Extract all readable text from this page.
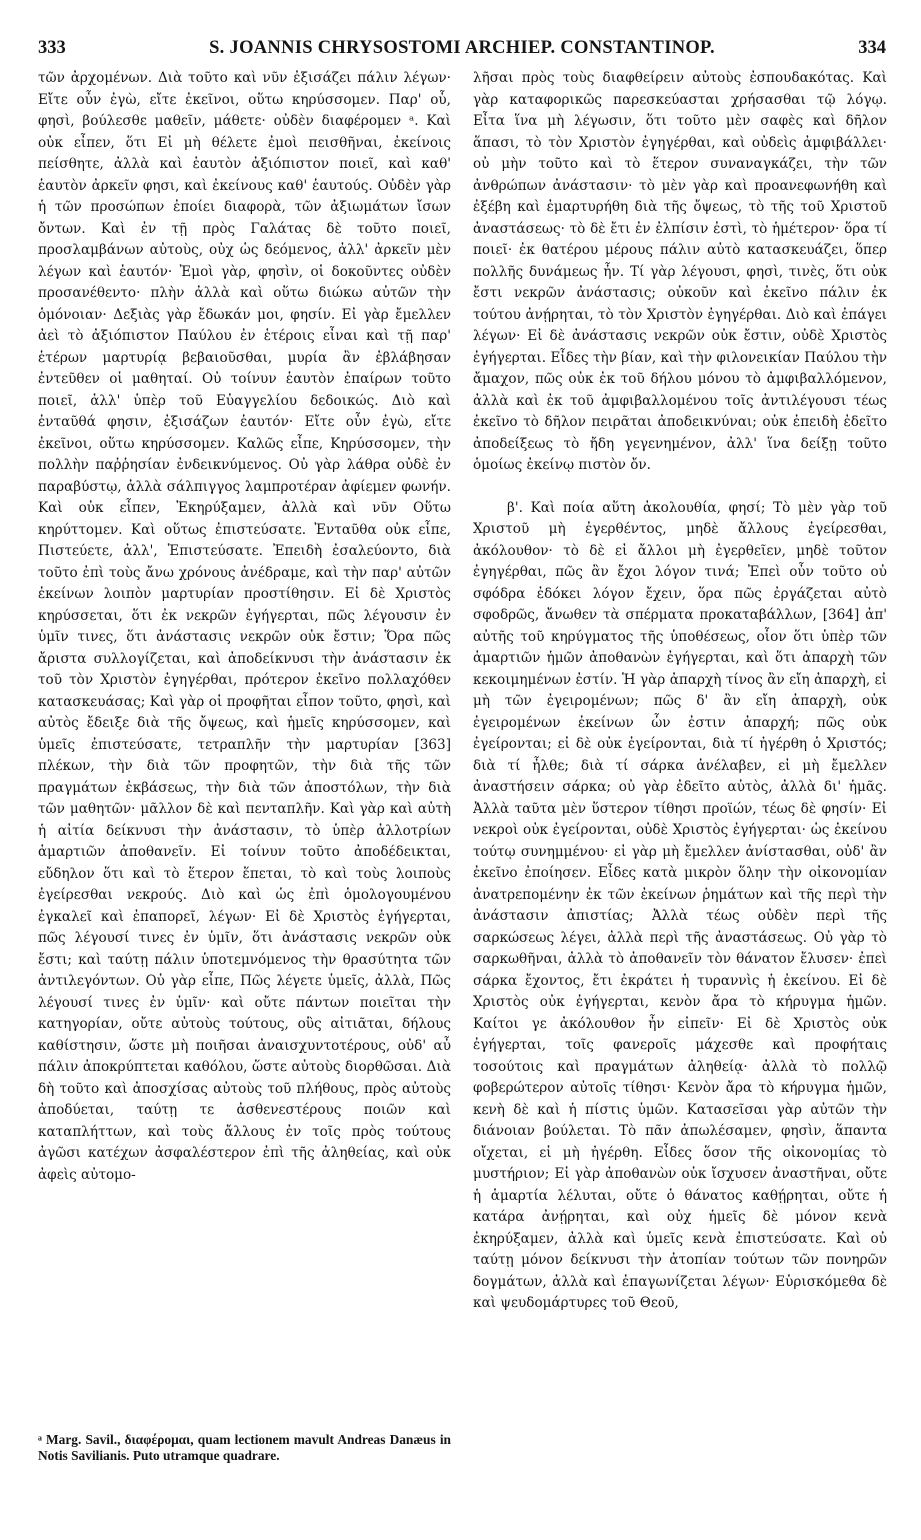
333	S. JOANNIS CHRYSOSTOMI ARCHIEP. CONSTANTINOP.	334

τῶν ἀρχομένων. Διὰ τοῦτο καὶ νῦν ἐξισάζει πάλιν λέγων· Εἴτε οὖν ἐγὼ, εἴτε ἐκεῖνοι, οὕτω κηρύσσομεν. Παρ' οὗ, φησὶ, βούλεσθε μαθεῖν, μάθετε· οὐδὲν διαφέρομεν ᵃ. Καὶ οὐκ εἶπεν, ὅτι Εἰ μὴ θέλετε ἐμοὶ πεισθῆναι, ἐκείνοις πείσθητε, ἀλλὰ καὶ ἑαυτὸν ἀξιόπιστον ποιεῖ, καὶ καθ' ἑαυτὸν ἀρκεῖν φησι, καὶ ἐκείνους καθ' ἑαυτούς. Οὐδὲν γὰρ ἡ τῶν προσώπων ἐποίει διαφορὰ, τῶν ἀξιωμάτων ἴσων ὄντων. Καὶ ἐν τῇ πρὸς Γαλάτας δὲ τοῦτο ποιεῖ, προσλαμβάνων αὐτοὺς, οὐχ ὡς δεόμενος, ἀλλ' ἀρκεῖν μὲν λέγων καὶ ἑαυτόν· Ἐμοὶ γὰρ, φησὶν, οἱ δοκοῦντες οὐδὲν προσανέθεντο· πλὴν ἀλλὰ καὶ οὕτω διώκω αὐτῶν τὴν ὁμόνοιαν· Δεξιὰς γὰρ ἔδωκάν μοι, φησίν. Εἰ γὰρ ἔμελλεν ἀεὶ τὸ ἀξιόπιστον Παύλου ἐν ἑτέροις εἶναι καὶ τῇ παρ' ἑτέρων μαρτυρίᾳ βεβαιοῦσθαι, μυρία ἂν ἐβλάβησαν ἐντεῦθεν οἱ μαθηταί. Οὐ τοίνυν ἑαυτὸν ἐπαίρων τοῦτο ποιεῖ, ἀλλ' ὑπὲρ τοῦ Εὐαγγελίου δεδοικώς. Διὸ καὶ ἐνταῦθά φησιν, ἐξισάζων ἑαυτόν· Εἴτε οὖν ἐγὼ, εἴτε ἐκεῖνοι, οὕτω κηρύσσομεν. Καλῶς εἶπε, Κηρύσσομεν, τὴν πολλὴν παῤῥησίαν ἐνδεικνύμενος. Οὐ γὰρ λάθρα οὐδὲ ἐν παραβύστῳ, ἀλλὰ σάλπιγγος λαμπροτέραν ἀφίεμεν φωνήν. Καὶ οὐκ εἶπεν, Ἐκηρύξαμεν, ἀλλὰ καὶ νῦν Οὕτω κηρύττομεν. Καὶ οὕτως ἐπιστεύσατε. Ἐνταῦθα οὐκ εἶπε, Πιστεύετε, ἀλλ', Ἐπιστεύσατε. Ἐπειδὴ ἐσαλεύοντο, διὰ τοῦτο ἐπὶ τοὺς ἄνω χρόνους ἀνέδραμε, καὶ τὴν παρ' αὐτῶν ἐκείνων λοιπὸν μαρτυρίαν προστίθησιν. Εἰ δὲ Χριστὸς κηρύσσεται, ὅτι ἐκ νεκρῶν ἐγήγερται, πῶς λέγουσιν ἐν ὑμῖν τινες, ὅτι ἀνάστασις νεκρῶν οὐκ ἔστιν; Ὅρα πῶς ἄριστα συλλογίζεται, καὶ ἀποδείκνυσι τὴν ἀνάστασιν ἐκ τοῦ τὸν Χριστὸν ἐγηγέρθαι, πρότερον ἐκεῖνο πολλαχόθεν κατασκευάσας; Καὶ γὰρ οἱ προφῆται εἶπον τοῦτο, φησὶ, καὶ αὐτὸς ἔδειξε διὰ τῆς ὄψεως, καὶ ἡμεῖς κηρύσσομεν, καὶ ὑμεῖς ἐπιστεύσατε, τετραπλῆν τὴν μαρτυρίαν [363] πλέκων, τὴν διὰ τῶν προφητῶν, τὴν διὰ τῆς τῶν πραγμάτων ἐκβάσεως, τὴν διὰ τῶν ἀποστόλων, τὴν διὰ τῶν μαθητῶν· μᾶλλον δὲ καὶ πενταπλῆν. Καὶ γὰρ καὶ αὐτὴ ἡ αἰτία δείκνυσι τὴν ἀνάστασιν, τὸ ὑπὲρ ἀλλοτρίων ἁμαρτιῶν ἀποθανεῖν. Εἰ τοίνυν τοῦτο ἀποδέδεικται, εὔδηλον ὅτι καὶ τὸ ἕτερον ἕπεται, τὸ καὶ τοὺς λοιποὺς ἐγείρεσθαι νεκρούς. Διὸ καὶ ὡς ἐπὶ ὁμολογουμένου ἐγκαλεῖ καὶ ἐπαπορεῖ, λέγων· Εἰ δὲ Χριστὸς ἐγήγερται, πῶς λέγουσί τινες ἐν ὑμῖν, ὅτι ἀνάστασις νεκρῶν οὐκ ἔστι; καὶ ταύτῃ πάλιν ὑποτεμνόμενος τὴν θρασύτητα τῶν ἀντιλεγόντων. Οὐ γὰρ εἶπε, Πῶς λέγετε ὑμεῖς, ἀλλὰ, Πῶς λέγουσί τινες ἐν ὑμῖν· καὶ οὔτε πάντων ποιεῖται τὴν κατηγορίαν, οὔτε αὐτοὺς τούτους, οὓς αἰτιᾶται, δήλους καθίστησιν, ὥστε μὴ ποιῆσαι ἀναισχυντοτέρους, οὐδ' αὖ πάλιν ἀποκρύπτεται καθόλου, ὥστε αὐτοὺς διορθῶσαι. Διὰ δὴ τοῦτο καὶ ἀποσχίσας αὐτοὺς τοῦ πλήθους, πρὸς αὐτοὺς ἀποδύεται, ταύτῃ τε ἀσθενεστέρους ποιῶν καὶ καταπλήττων, καὶ τοὺς ἄλλους ἐν τοῖς πρὸς τούτους ἀγῶσι κατέχων ἀσφαλέστερον ἐπὶ τῆς ἀληθείας, καὶ οὐκ ἀφεὶς αὐτομο-

λῆσαι πρὸς τοὺς διαφθείρειν αὐτοὺς ἐσπουδακότας. Καὶ γὰρ καταφορικῶς παρεσκεύασται χρήσασθαι τῷ λόγῳ. Εἶτα ἵνα μὴ λέγωσιν, ὅτι τοῦτο μὲν σαφὲς καὶ δῆλον ἅπασι, τὸ τὸν Χριστὸν ἐγηγέρθαι, καὶ οὐδεὶς ἀμφιβάλλει· οὐ μὴν τοῦτο καὶ τὸ ἕτερον συναναγκάζει, τὴν τῶν ἀνθρώπων ἀνάστασιν· τὸ μὲν γὰρ καὶ προανεφωνήθη καὶ ἐξέβη καὶ ἐμαρτυρήθη διὰ τῆς ὄψεως, τὸ τῆς τοῦ Χριστοῦ ἀναστάσεως· τὸ δὲ ἔτι ἐν ἐλπίσιν ἐστὶ, τὸ ἡμέτερον· ὅρα τί ποιεῖ· ἐκ θατέρου μέρους πάλιν αὐτὸ κατασκευάζει, ὅπερ πολλῆς δυνάμεως ἦν. Τί γὰρ λέγουσι, φησὶ, τινὲς, ὅτι οὐκ ἔστι νεκρῶν ἀνάστασις; οὐκοῦν καὶ ἐκεῖνο πάλιν ἐκ τούτου ἀνῄρηται, τὸ τὸν Χριστὸν ἐγηγέρθαι. Διὸ καὶ ἐπάγει λέγων· Εἰ δὲ ἀνάστασις νεκρῶν οὐκ ἔστιν, οὐδὲ Χριστὸς ἐγήγερται. Εἶδες τὴν βίαν, καὶ τὴν φιλονεικίαν Παύλου τὴν ἄμαχον, πῶς οὐκ ἐκ τοῦ δήλου μόνου τὸ ἀμφιβαλλόμενον, ἀλλὰ καὶ ἐκ τοῦ ἀμφιβαλλομένου τοῖς ἀντιλέγουσι τέως ἐκεῖνο τὸ δῆλον πειρᾶται ἀποδεικνύναι; οὐκ ἐπειδὴ ἐδεῖτο ἀποδείξεως τὸ ἤδη γεγενημένον, ἀλλ' ἵνα δείξῃ τοῦτο ὁμοίως ἐκείνῳ πιστὸν ὄν.

β'. Καὶ ποία αὕτη ἀκολουθία, φησί; Τὸ μὲν γὰρ τοῦ Χριστοῦ μὴ ἐγερθέντος, μηδὲ ἄλλους ἐγείρεσθαι, ἀκόλουθον· τὸ δὲ εἰ ἄλλοι μὴ ἐγερθεῖεν, μηδὲ τοῦτον ἐγηγέρθαι, πῶς ἂν ἔχοι λόγον τινά; Ἐπεὶ οὖν τοῦτο οὐ σφόδρα ἐδόκει λόγον ἔχειν, ὅρα πῶς ἐργάζεται αὐτὸ σφοδρῶς, ἄνωθεν τὰ σπέρματα προκαταβάλλων, [364] ἀπ' αὐτῆς τοῦ κηρύγματος τῆς ὑποθέσεως, οἷον ὅτι ὑπὲρ τῶν ἁμαρτιῶν ἡμῶν ἀποθανὼν ἐγήγερται, καὶ ὅτι ἀπαρχὴ τῶν κεκοιμημένων ἐστίν. Ἡ γὰρ ἀπαρχὴ τίνος ἂν εἴη ἀπαρχὴ, εἰ μὴ τῶν ἐγειρομένων; πῶς δ' ἂν εἴη ἀπαρχὴ, οὐκ ἐγειρομένων ἐκείνων ὧν ἐστιν ἀπαρχή; πῶς οὐκ ἐγείρονται; εἰ δὲ οὐκ ἐγείρονται, διὰ τί ἠγέρθη ὁ Χριστός; διὰ τί ἦλθε; διὰ τί σάρκα ἀνέλαβεν, εἰ μὴ ἔμελλεν ἀναστήσειν σάρκα; οὐ γὰρ ἐδεῖτο αὐτὸς, ἀλλὰ δι' ἡμᾶς. Ἀλλὰ ταῦτα μὲν ὕστερον τίθησι προϊών, τέως δὲ φησίν· Εἰ νεκροὶ οὐκ ἐγείρονται, οὐδὲ Χριστὸς ἐγήγερται· ὡς ἐκείνου τούτῳ συνημμένου· εἰ γὰρ μὴ ἔμελλεν ἀνίστασθαι, οὐδ' ἂν ἐκεῖνο ἐποίησεν. Εἶδες κατὰ μικρὸν ὅλην τὴν οἰκονομίαν ἀνατρεπομένην ἐκ τῶν ἐκείνων ῥημάτων καὶ τῆς περὶ τὴν ἀνάστασιν ἀπιστίας; Ἀλλὰ τέως οὐδὲν περὶ τῆς σαρκώσεως λέγει, ἀλλὰ περὶ τῆς ἀναστάσεως. Οὐ γὰρ τὸ σαρκωθῆναι, ἀλλὰ τὸ ἀποθανεῖν τὸν θάνατον ἔλυσεν· ἐπεὶ σάρκα ἔχοντος, ἔτι ἐκράτει ἡ τυραννὶς ἡ ἐκείνου. Εἰ δὲ Χριστὸς οὐκ ἐγήγερται, κενὸν ἄρα τὸ κήρυγμα ἡμῶν. Καίτοι γε ἀκόλουθον ἦν εἰπεῖν· Εἰ δὲ Χριστὸς οὐκ ἐγήγερται, τοῖς φανεροῖς μάχεσθε καὶ προφήταις τοσούτοις καὶ πραγμάτων ἀληθείᾳ· ἀλλὰ τὸ πολλῷ φοβερώτερον αὐτοῖς τίθησι· Κενὸν ἄρα τὸ κήρυγμα ἡμῶν, κενὴ δὲ καὶ ἡ πίστις ὑμῶν. Κατασεῖσαι γὰρ αὐτῶν τὴν διάνοιαν βούλεται. Τὸ πᾶν ἀπωλέσαμεν, φησὶν, ἅπαντα οἴχεται, εἰ μὴ ἠγέρθη. Εἶδες ὅσον τῆς οἰκονομίας τὸ μυστήριον; Εἰ γὰρ ἀποθανὼν οὐκ ἴσχυσεν ἀναστῆναι, οὔτε ἡ ἁμαρτία λέλυται, οὔτε ὁ θάνατος καθῄρηται, οὔτε ἡ κατάρα ἀνῄρηται, καὶ οὐχ ἡμεῖς δὲ μόνον κενὰ ἐκηρύξαμεν, ἀλλὰ καὶ ὑμεῖς κενὰ ἐπιστεύσατε. Καὶ οὐ ταύτῃ μόνον δείκνυσι τὴν ἀτοπίαν τούτων τῶν πονηρῶν δογμάτων, ἀλλὰ καὶ ἐπαγωνίζεται λέγων· Εὑρισκόμεθα δὲ καὶ ψευδομάρτυρες τοῦ Θεοῦ,

ᵃ Marg. Savil., διαφέρομαι, quam lectionem mavult Andreas Danæus in Notis Savilianis. Puto utramque quadrare.
